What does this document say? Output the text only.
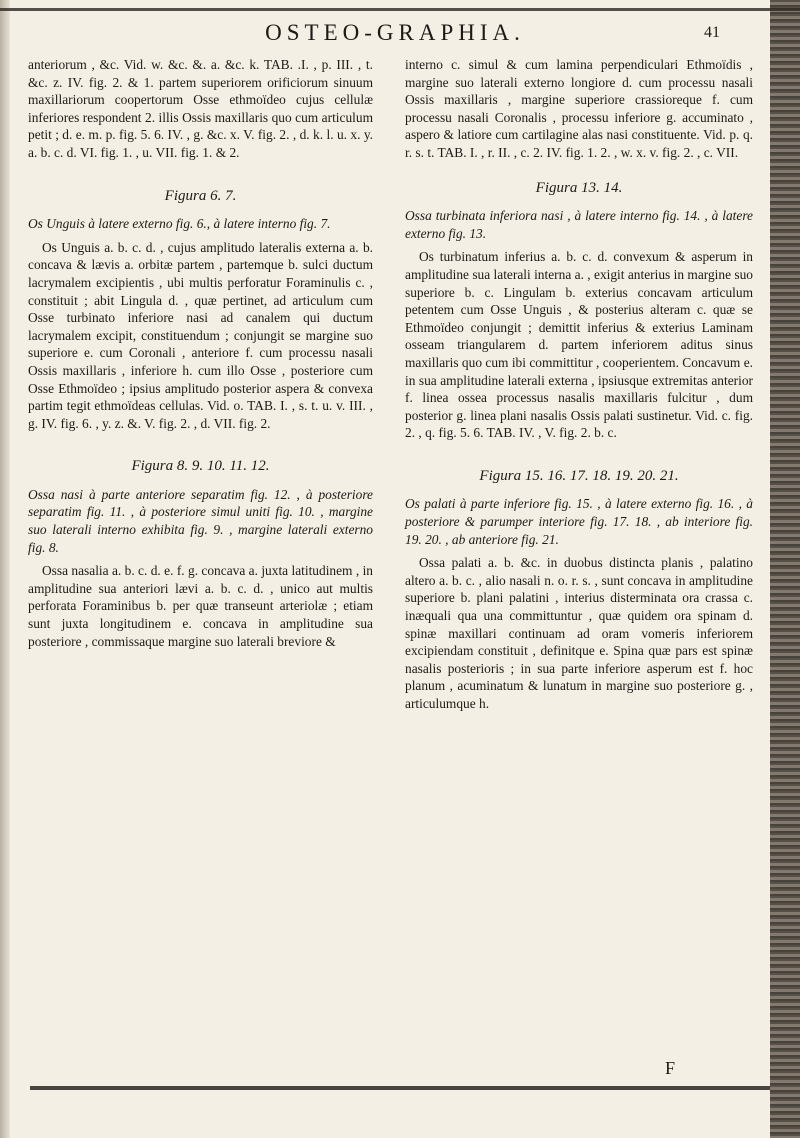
OSTEO-GRAPHIA.	41

anteriorum , &c. Vid. w. &c. &. a. &c. k. TAB. .I. , p. III. , t. &c. z. IV. fig. 2. & 1. partem superiorem orificiorum sinuum maxillariorum coopertorum Osse ethmoïdeo cujus cellulæ inferiores respondent 2. illis Ossis maxillaris quo cum articulum petit ; d. e. m. p. fig. 5. 6. IV. , g. &c. x. V. fig. 2. , d. k. l. u. x. y. a. b. c. d. VI. fig. 1. , u. VII. fig. 1. & 2.

Figura 6. 7.

Os Unguis à latere externo fig. 6., à latere interno fig. 7.

Os Unguis a. b. c. d. , cujus amplitudo lateralis externa a. b. concava & lævis a. orbitæ partem , partemque b. sulci ductum lacrymalem excipientis , ubi multis perforatur Foraminulis c. , constituit ; abit Lingula d. , quæ pertinet, ad articulum cum Osse turbinato inferiore nasi ad canalem qui ductum lacrymalem excipit, constituendum ; conjungit se margine suo superiore e. cum Coronali , anteriore f. cum processu nasali Ossis maxillaris , inferiore h. cum illo Osse , posteriore cum Osse Ethmoïdeo ; ipsius amplitudo posterior aspera & convexa partim tegit ethmoïdeas cellulas. Vid. o. TAB. I. , s. t. u. v. III. , g. IV. fig. 6. , y. z. &. V. fig. 2. , d. VII. fig. 2.

Figura 8. 9. 10. 11. 12.

Ossa nasi à parte anteriore separatim fig. 12. , à posteriore separatim fig. 11. , à posteriore simul uniti fig. 10. , margine suo laterali interno exhibita fig. 9. , margine laterali externo fig. 8.

Ossa nasalia a. b. c. d. e. f. g. concava a. juxta latitudinem , in amplitudine sua anteriori lævi a. b. c. d. , unico aut multis perforata Foraminibus b. per quæ transeunt arteriolæ ; etiam sunt juxta longitudinem e. concava in amplitudine sua posteriore , commissaque margine suo laterali breviore &

interno c. simul & cum lamina perpendiculari Ethmoïdis , margine suo laterali externo longiore d. cum processu nasali Ossis maxillaris , margine superiore crassioreque f. cum processu nasali Coronalis , processu inferiore g. accuminato , aspero & latiore cum cartilagine alas nasi constituente. Vid. p. q. r. s. t. TAB. I. , r. II. , c. 2. IV. fig. 1. 2. , w. x. v. fig. 2. , c. VII.

Figura 13. 14.

Ossa turbinata inferiora nasi , à latere interno fig. 14. , à latere externo fig. 13.

Os turbinatum inferius a. b. c. d. convexum & asperum in amplitudine sua laterali interna a. , exigit anterius in margine suo superiore b. c. Lingulam b. exterius concavam articulum petentem cum Osse Unguis , & posterius alteram c. quæ se Ethmoïdeo conjungit ; demittit inferius & exterius Laminam osseam triangularem d. partem inferiorem aditus sinus maxillaris quo cum ibi committitur , cooperientem. Concavum e. in sua amplitudine laterali externa , ipsiusque extremitas anterior f. linea ossea processus nasalis maxillaris fulcitur , dum posterior g. linea plani nasalis Ossis palati sustinetur. Vid. c. fig. 2. , q. fig. 5. 6. TAB. IV. , V. fig. 2. b. c.

Figura 15. 16. 17. 18. 19. 20. 21.

Os palati à parte inferiore fig. 15. , à latere externo fig. 16. , à posteriore & parumper interiore fig. 17. 18. , ab interiore fig. 19. 20. , ab anteriore fig. 21.

Ossa palati a. b. &c. in duobus distincta planis , palatino altero a. b. c. , alio nasali n. o. r. s. , sunt concava in amplitudine superiore b. plani palatini , interius disterminata ora crassa c. inæquali qua una committuntur , quæ quidem ora spinam d. spinæ maxillari continuam ad oram vomeris inferiorem excipiendam constituit , definitque e. Spina quæ pars est spinæ nasalis posterioris ; in sua parte inferiore asperum est f. hoc planum , acuminatum & lunatum in margine suo posteriore g. , articulumque h.

F
